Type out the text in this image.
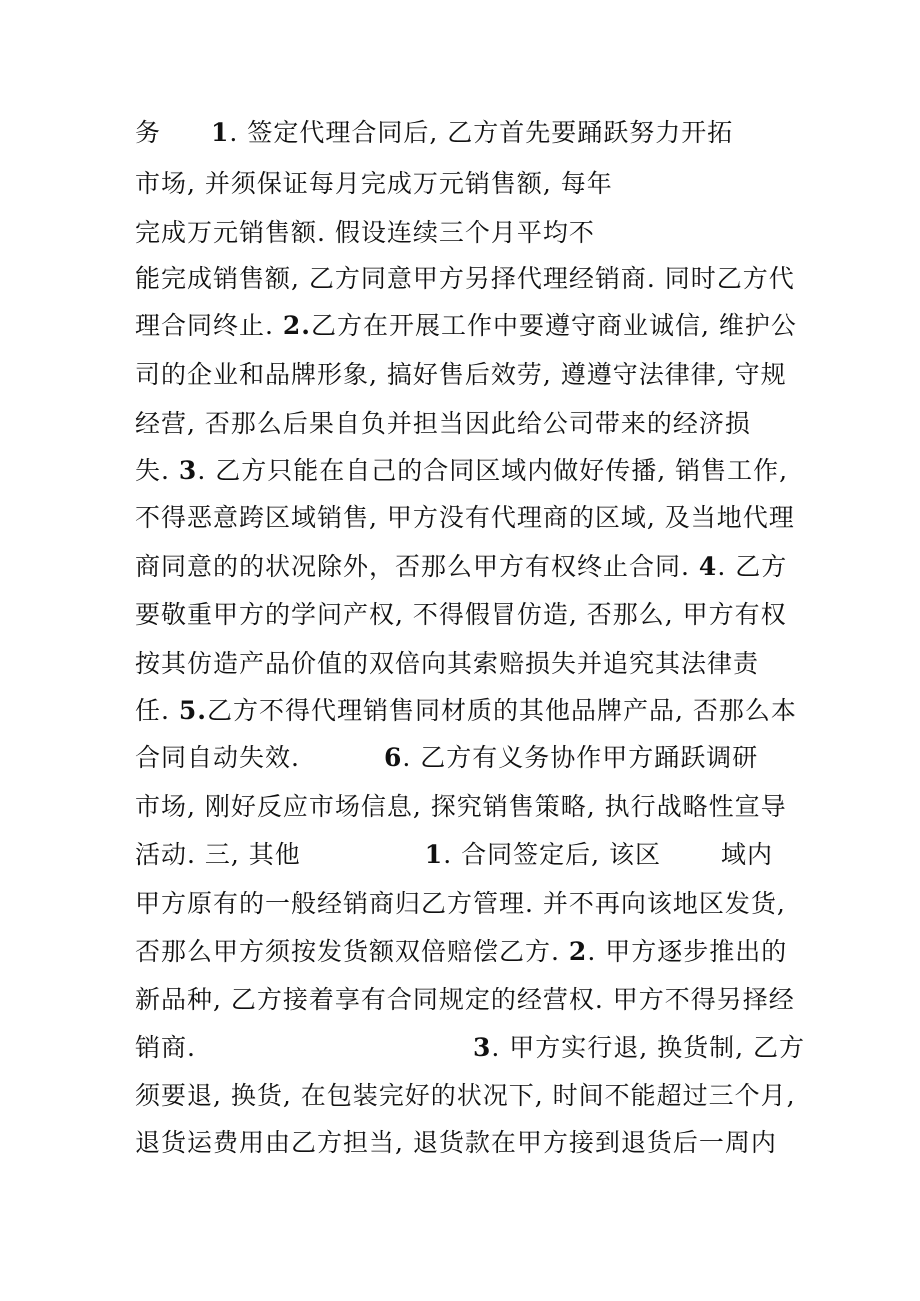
务 1. 签定代理合同后, 乙方首先要踊跃努力开拓
市场, 并须保证每月完成万元销售额, 每年
完成万元销售额. 假设连续三个月平均不
能完成销售额, 乙方同意甲方另择代理经销商. 同时乙方代
理合同终止. 2.乙方在开展工作中要遵守商业诚信, 维护公
司的企业和品牌形象, 搞好售后效劳, 遵遵守法律律, 守规
经营, 否那么后果自负并担当因此给公司带来的经济损
失. 3. 乙方只能在自己的合同区域内做好传播, 销售工作,
不得恶意跨区域销售, 甲方没有代理商的区域, 及当地代理
商同意的的状况除外，否那么甲方有权终止合同. 4. 乙方
要敬重甲方的学问产权, 不得假冒仿造, 否那么, 甲方有权
按其仿造产品价值的双倍向其索赔损失并追究其法律责
任. 5.乙方不得代理销售同材质的其他品牌产品, 否那么本
合同自动失效.	6. 乙方有义务协作甲方踊跃调研
市场, 刚好反应市场信息, 探究销售策略, 执行战略性宣导
活动. 三, 其他	1. 合同签定后, 该区 域内
甲方原有的一般经销商归乙方管理. 并不再向该地区发货,
否那么甲方须按发货额双倍赔偿乙方. 2. 甲方逐步推出的
新品种, 乙方接着享有合同规定的经营权. 甲方不得另择经
销商.	3. 甲方实行退, 换货制, 乙方
须要退, 换货, 在包装完好的状况下, 时间不能超过三个月,
退货运费用由乙方担当, 退货款在甲方接到退货后一周内
